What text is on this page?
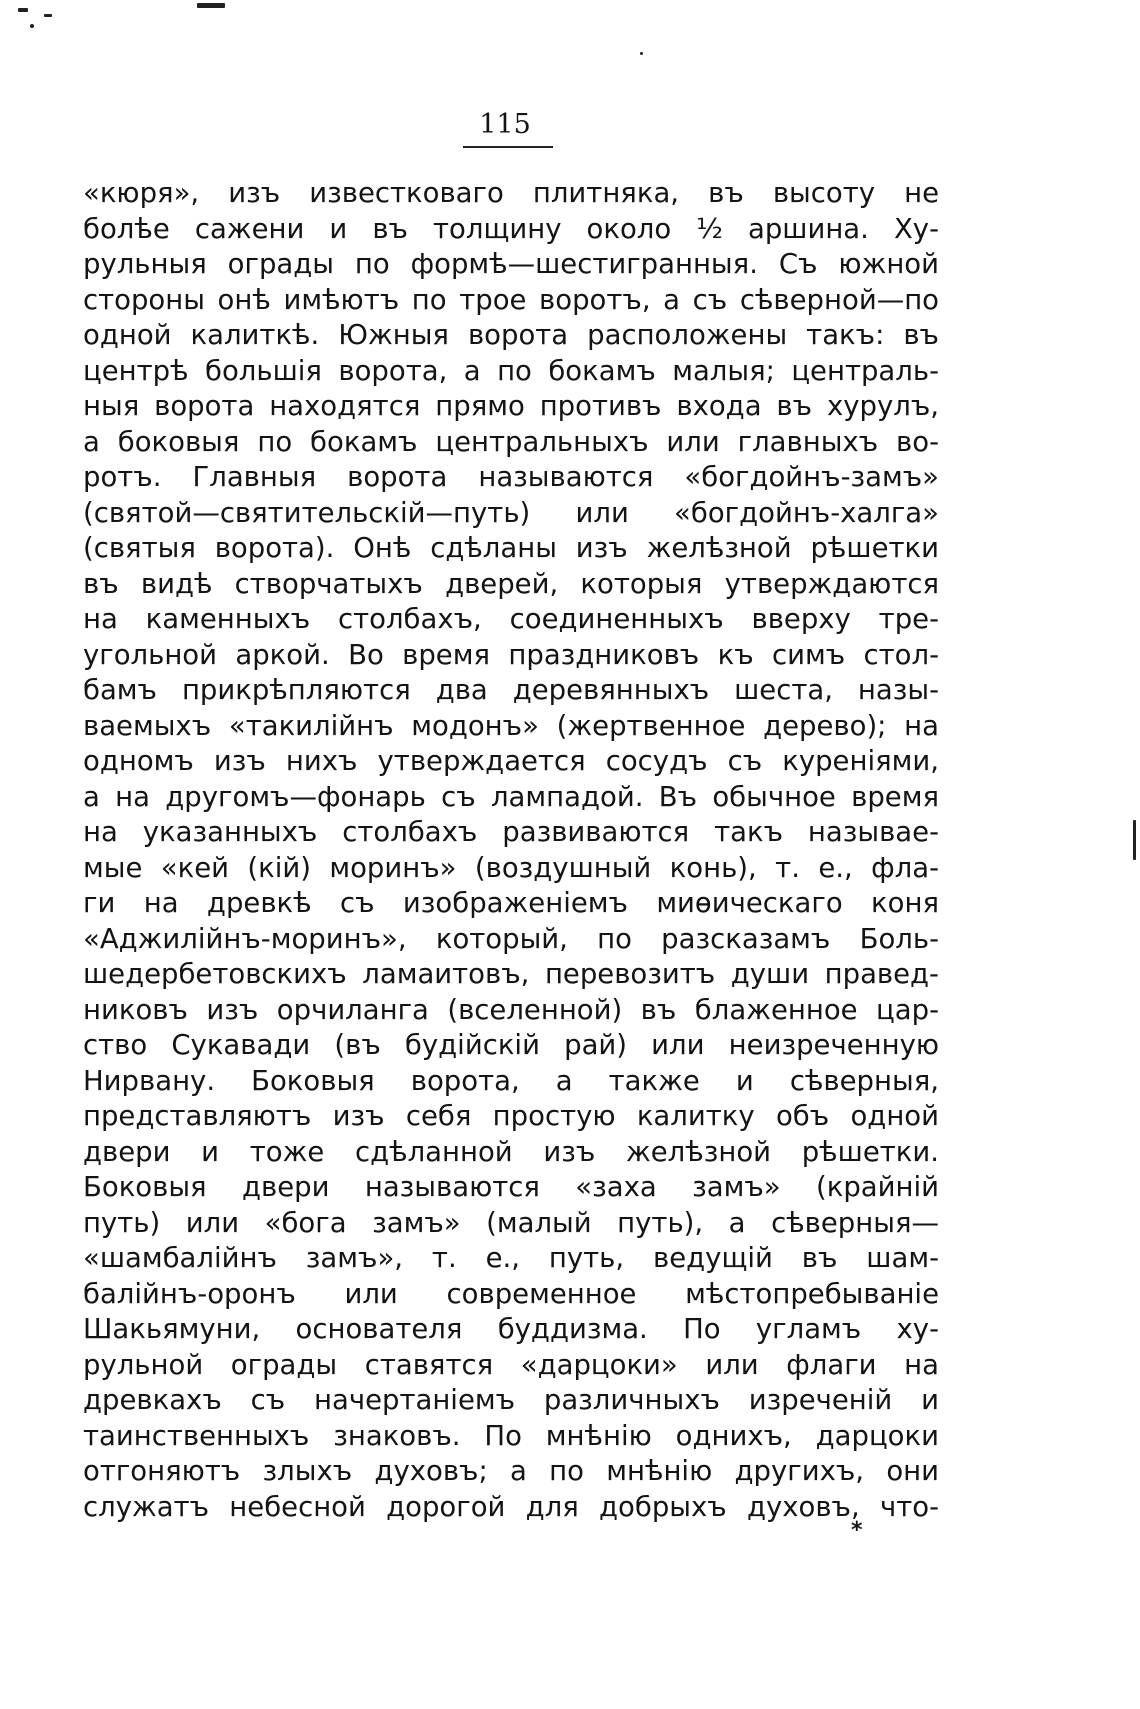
115
«кюря», изъ известковаго плитняка, въ высоту не
болѣе сажени и въ толщину около ½ аршина. Ху-
рульныя ограды по формѣ—шестигранныя. Съ южной
стороны онѣ имѣютъ по трое воротъ, а съ сѣверной—по
одной калиткѣ. Южныя ворота расположены такъ: въ
центрѣ большія ворота, а по бокамъ малыя; централь-
ныя ворота находятся прямо противъ входа въ хурулъ,
а боковыя по бокамъ центральныхъ или главныхъ во-
ротъ. Главныя ворота называются «богдойнъ-замъ»
(святой—святительскій—путь) или «богдойнъ-халга»
(святыя ворота). Онѣ сдѣланы изъ желѣзной рѣшетки
въ видѣ створчатыхъ дверей, которыя утверждаются
на каменныхъ столбахъ, соединенныхъ вверху тре-
угольной аркой. Во время праздниковъ къ симъ стол-
бамъ прикрѣпляются два деревянныхъ шеста, назы-
ваемыхъ «такилійнъ модонъ» (жертвенное дерево); на
одномъ изъ нихъ утверждается сосудъ съ куреніями,
а на другомъ—фонарь съ лампадой. Въ обычное время
на указанныхъ столбахъ развиваются такъ называе-
мые «кей (кій) моринъ» (воздушный конь), т. е., фла-
ги на древкѣ съ изображеніемъ миѳическаго коня
«Аджилійнъ-моринъ», который, по разсказамъ Боль-
шедербетовскихъ ламаитовъ, перевозитъ души правед-
никовъ изъ орчиланга (вселенной) въ блаженное цар-
ство Сукавади (въ будійскій рай) или неизреченную
Нирвану. Боковыя ворота, а также и сѣверныя,
представляютъ изъ себя простую калитку объ одной
двери и тоже сдѣланной изъ желѣзной рѣшетки.
Боковыя двери называются «заха замъ» (крайній
путь) или «бога замъ» (малый путь), а сѣверныя—
«шамбалійнъ замъ», т. е., путь, ведущій въ шам-
балійнъ-оронъ или современное мѣстопребываніе
Шакьямуни, основателя буддизма. По угламъ ху-
рульной ограды ставятся «дарцоки» или флаги на
древкахъ съ начертаніемъ различныхъ изреченій и
таинственныхъ знаковъ. По мнѣнію однихъ, дарцоки
отгоняютъ злыхъ духовъ; а по мнѣнію другихъ, они
служатъ небесной дорогой для добрыхъ духовъ, что-
*
